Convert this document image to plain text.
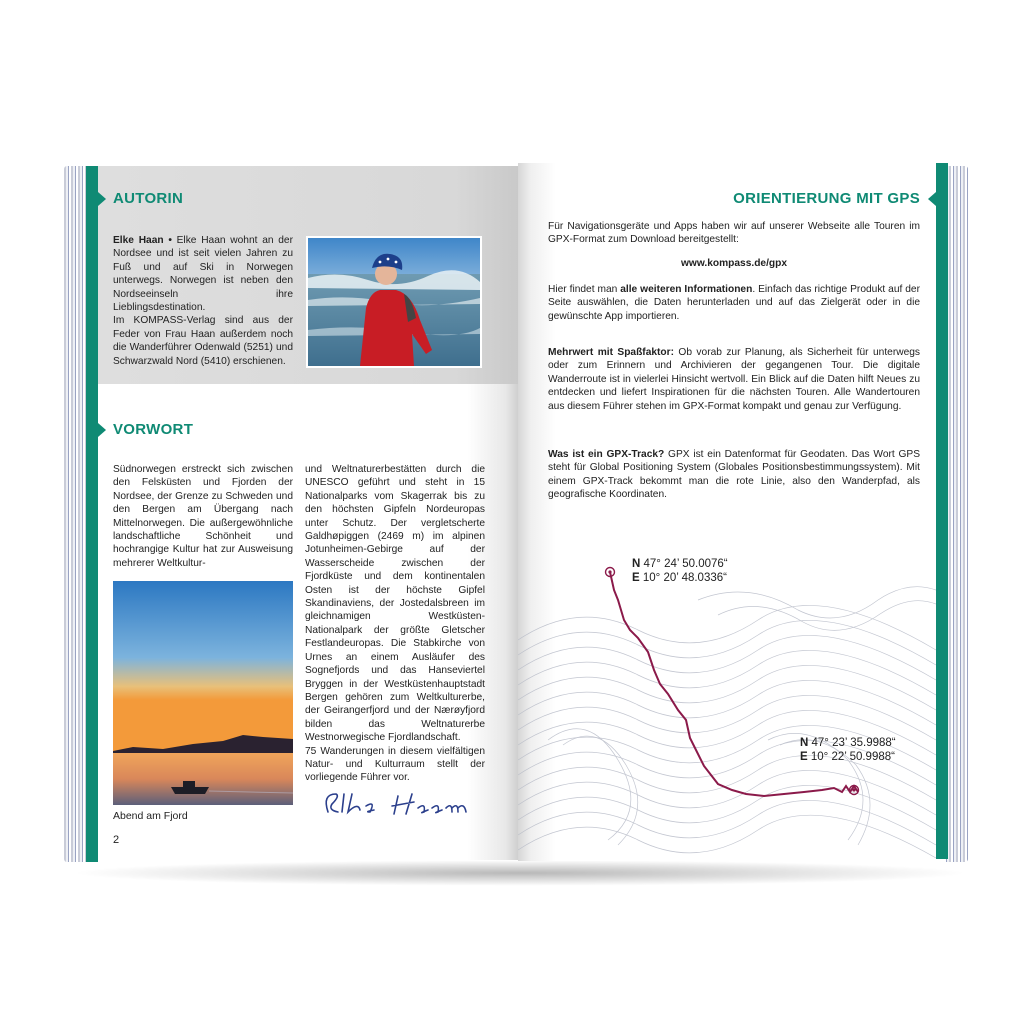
AUTORIN

Elke Haan • Elke Haan wohnt an der Nordsee und ist seit vielen Jahren zu Fuß und auf Ski in Norwegen unterwegs. Norwegen ist neben den Nordseeinseln ihre Lieblingsdestination.

Im KOMPASS-Verlag sind aus der Feder von Frau Haan außerdem noch die Wanderführer Odenwald (5251) und Schwarzwald Nord (5410) erschienen.

VORWORT
Südnorwegen erstreckt sich zwischen den Felsküsten und Fjorden der Nordsee, der Grenze zu Schweden und den Bergen am Übergang nach Mittelnorwegen. Die außergewöhnliche landschaftliche Schönheit und hochrangige Kultur hat zur Ausweisung mehrerer Weltkultur-

und Weltnaturerbestätten durch die UNESCO geführt und steht in 15 Nationalparks vom Skagerrak bis zu den höchsten Gipfeln Nordeuropas unter Schutz. Der vergletscherte Galdhøpiggen (2469 m) im alpinen Jotunheimen-Gebirge auf der Wasserscheide zwischen der Fjordküste und dem kontinentalen Osten ist der höchste Gipfel Skandinaviens, der Jostedalsbreen im gleichnamigen Westküsten-Nationalpark der größte Gletscher Festlandeuropas. Die Stabkirche von Urnes an einem Ausläufer des Sognefjords und das Hanseviertel Bryggen in der Westküstenhauptstadt Bergen gehören zum Weltkulturerbe, der Geirangerfjord und der Nærøyfjord bilden das Weltnaturerbe Westnorwegische Fjordlandschaft.

75 Wanderungen in diesem vielfältigen Natur- und Kulturraum stellt der vorliegende Führer vor.

Abend am Fjord
2
ORIENTIERUNG MIT GPS
Für Navigationsgeräte und Apps haben wir auf unserer Webseite alle Touren im GPX-Format zum Download bereitgestellt:
www.kompass.de/gpx
Hier findet man alle weiteren Informationen. Einfach das richtige Produkt auf der Seite auswählen, die Daten herunterladen und auf das Zielgerät oder in die gewünschte App importieren.
Mehrwert mit Spaßfaktor: Ob vorab zur Planung, als Sicherheit für unterwegs oder zum Erinnern und Archivieren der gegangenen Tour. Die digitale Wanderroute ist in vielerlei Hinsicht wertvoll. Ein Blick auf die Daten hilft Neues zu entdecken und liefert Inspirationen für die nächsten Touren. Alle Wandertouren aus diesem Führer stehen im GPX-Format kompakt und genau zur Verfügung.
Was ist ein GPX-Track? GPX ist ein Datenformat für Geodaten. Das Wort GPS steht für Global Positioning System (Globales Positionsbestimmungssystem). Mit einem GPX-Track bekommt man die rote Linie, also den Wanderpfad, als geografische Koordinaten.
N 47° 24’ 50.0076“
E 10° 20’ 48.0336“
N 47° 23’ 35.9988“
E 10° 22’ 50.9988“
